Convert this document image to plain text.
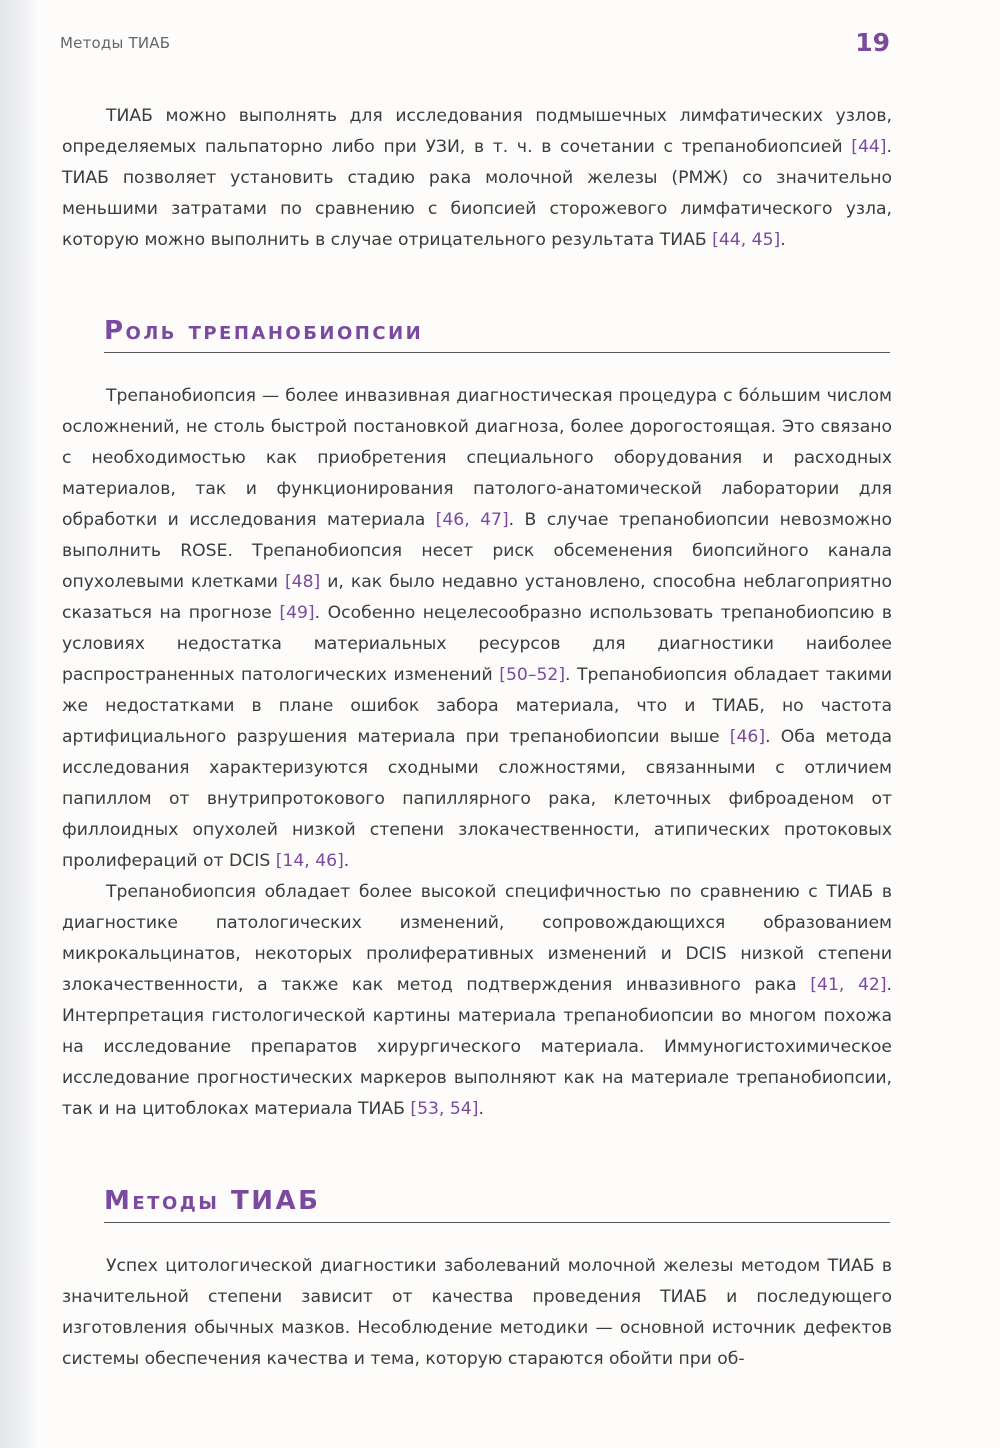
Методы ТИАБ	19

ТИАБ можно выполнять для исследования подмышечных лимфатических узлов, определяемых пальпаторно либо при УЗИ, в т. ч. в сочетании с трепанобиопсией [44]. ТИАБ позволяет установить стадию рака молочной железы (РМЖ) со значительно меньшими затратами по сравнению с биопсией сторожевого лимфатического узла, которую можно выполнить в случае отрицательного результата ТИАБ [44, 45].

Роль трепанобиопсии

Трепанобиопсия — более инвазивная диагностическая процедура с бо́льшим числом осложнений, не столь быстрой постановкой диагноза, более дорогостоящая. Это связано с необходимостью как приобретения специального оборудования и расходных материалов, так и функционирования патолого-анатомической лаборатории для обработки и исследования материала [46, 47]. В случае трепанобиопсии невозможно выполнить ROSE. Трепанобиопсия несет риск обсеменения биопсийного канала опухолевыми клетками [48] и, как было недавно установлено, способна неблагоприятно сказаться на прогнозе [49]. Особенно нецелесообразно использовать трепанобиопсию в условиях недостатка материальных ресурсов для диагностики наиболее распространенных патологических изменений [50–52]. Трепанобиопсия обладает такими же недостатками в плане ошибок забора материала, что и ТИАБ, но частота артифициального разрушения материала при трепанобиопсии выше [46]. Оба метода исследования характеризуются сходными сложностями, связанными с отличием папиллом от внутрипротокового папиллярного рака, клеточных фиброаденом от филлоидных опухолей низкой степени злокачественности, атипических протоковых пролифераций от DCIS [14, 46].

Трепанобиопсия обладает более высокой специфичностью по сравнению с ТИАБ в диагностике патологических изменений, сопровождающихся образованием микрокальцинатов, некоторых пролиферативных изменений и DCIS низкой степени злокачественности, а также как метод подтверждения инвазивного рака [41, 42]. Интерпретация гистологической картины материала трепанобиопсии во многом похожа на исследование препаратов хирургического материала. Иммуногистохимическое исследование прогностических маркеров выполняют как на материале трепанобиопсии, так и на цитоблоках материала ТИАБ [53, 54].

Методы ТИАБ

Успех цитологической диагностики заболеваний молочной железы методом ТИАБ в значительной степени зависит от качества проведения ТИАБ и последующего изготовления обычных мазков. Несоблюдение методики — основной источник дефектов системы обеспечения качества и тема, которую стараются обойти при об-
